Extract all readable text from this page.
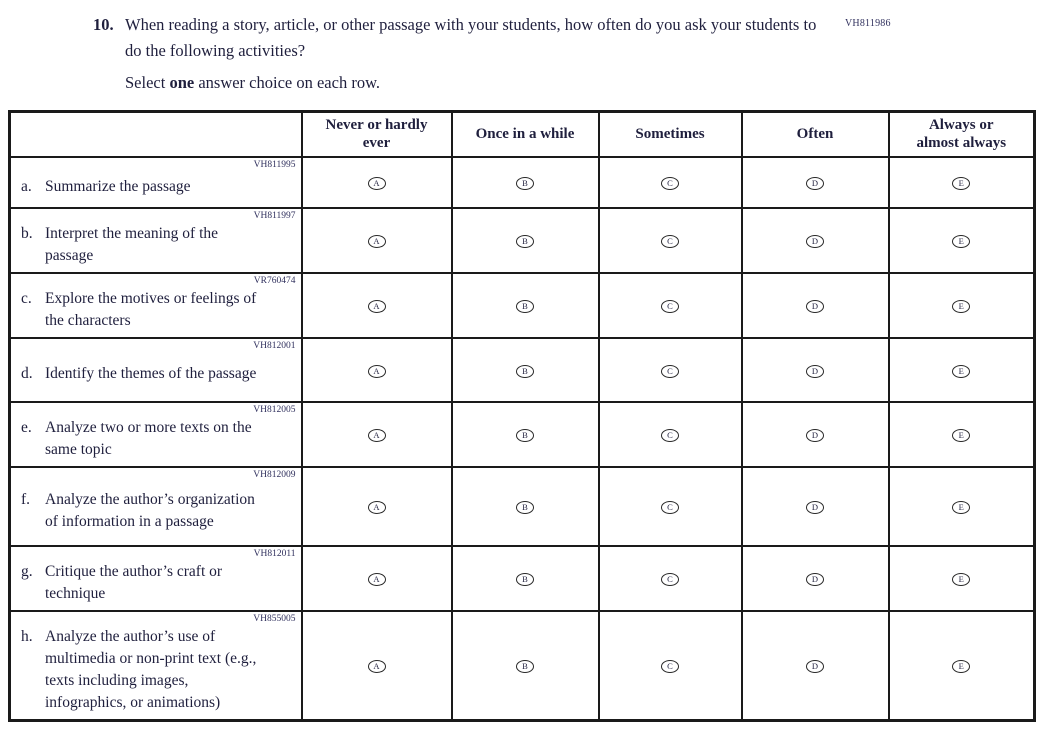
VH811986
10. When reading a story, article, or other passage with your students, how often do you ask your students to do the following activities?
Select one answer choice on each row.
	Never or hardly ever	Once in a while	Sometimes	Often	Always or almost always

VH811995
a. Summarize the passage	A	B	C	D	E

VH811997
b. Interpret the meaning of the passage	A	B	C	D	E

VR760474
c. Explore the motives or feelings of the characters	A	B	C	D	E

VH812001
d. Identify the themes of the passage	A	B	C	D	E

VH812005
e. Analyze two or more texts on the same topic	A	B	C	D	E

VH812009
f. Analyze the author’s organization of information in a passage	A	B	C	D	E

VH812011
g. Critique the author’s craft or technique	A	B	C	D	E

VH855005
h. Analyze the author’s use of multimedia or non-print text (e.g., texts including images, infographics, or animations)	A	B	C	D	E
